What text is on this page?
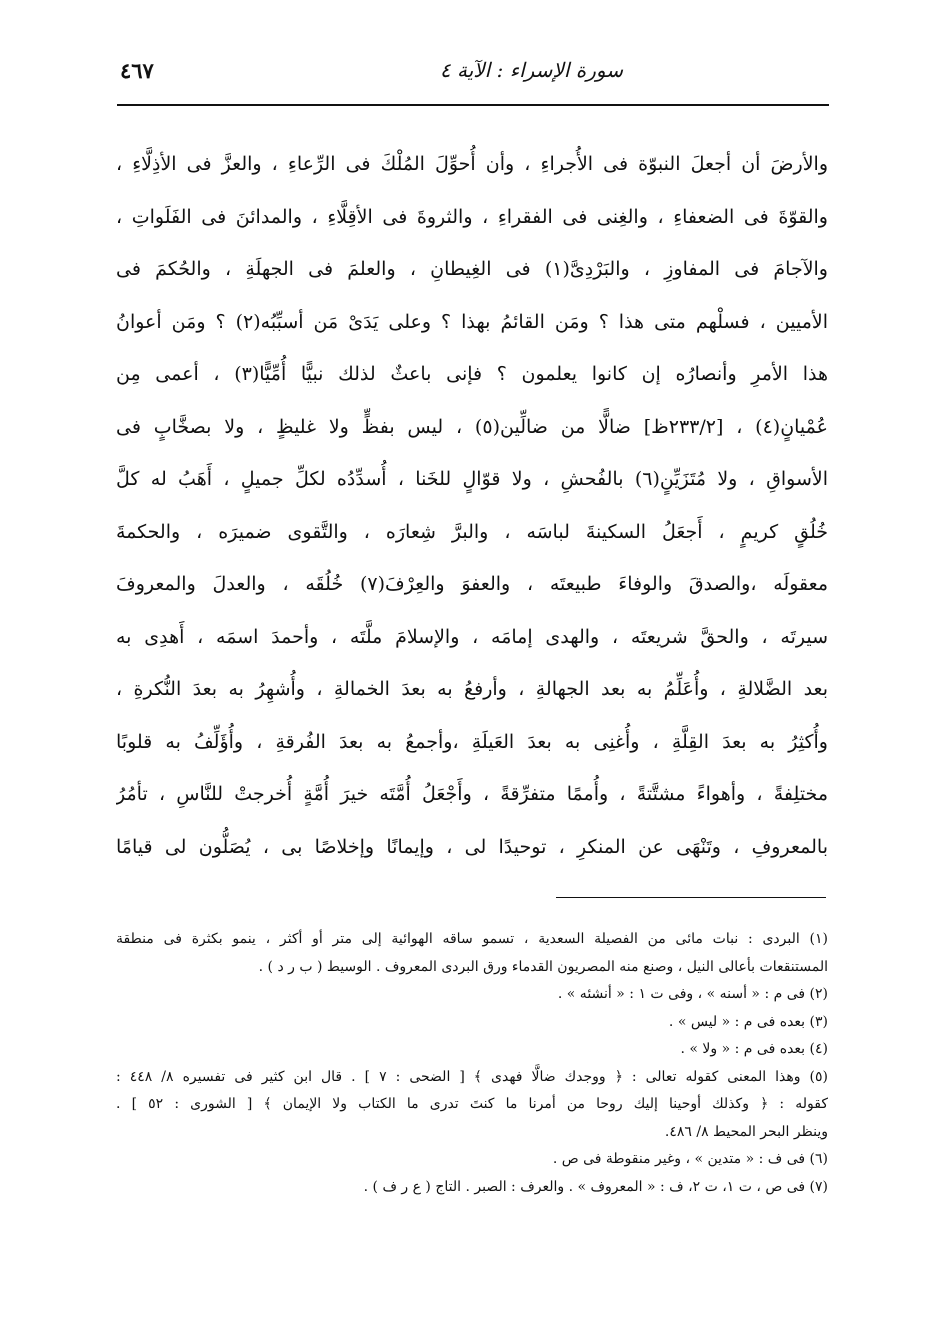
سورة الإسراء : الآية ٤
٤٦٧
والأرضَ أن أجعلَ النبوّة فى الأُجراءِ ، وأن أُحوِّلَ المُلْكَ فى الرِّعاءِ ، والعزَّ فى الأذِلَّاءِ ،
والقوّةَ فى الضعفاءِ ، والغِنى فى الفقراءِ ، والثروةَ فى الأقِلَّاءِ ، والمدائنَ فى الفَلَواتِ ،
والآجامَ فى المفاوزِ ، والبَرْدِىَّ(١) فى الغِيطانِ ، والعلمَ فى الجهلَةِ ، والحُكمَ فى
الأميين ، فسلْهم متى هذا ؟ ومَن القائمُ بهذا ؟ وعلى يَدَىْ مَن أسبِّبُه(٢) ؟ ومَن أعوانُ
هذا الأمرِ وأنصارُه إن كانوا يعلمون ؟ فإنى باعثٌ لذلك نبيًّا أُمِّيًّا(٣) ، أعمى مِن
عُمْيانٍ(٤) ، [٢٣٣/٢ظ] ضالًّا من ضالِّين(٥) ، ليس بفظٍّ ولا غليظٍ ، ولا بصخَّابٍ فى
الأسواقِ ، ولا مُتَزَيِّنٍ(٦) بالفُحشِ ، ولا قوّالٍ للخَنا ، أُسدِّدُه لكلِّ جميلٍ ، أَهَبُ له كلَّ
خُلُقٍ كريمٍ ، أَجعَلُ السكينةَ لباسَه ، والبرَّ شِعارَه ، والتَّقوى ضميرَه ، والحكمةَ
معقولَه ،والصدقَ والوفاءَ طبيعتَه ، والعفوَ والعِرْفَ(٧) خُلُقَه ، والعدلَ والمعروفَ
سيرتَه ، والحقَّ شريعتَه ، والهدى إمامَه ، والإسلامَ ملَّتَه ، وأحمدَ اسمَه ، أَهدِى به
بعد الضَّلالةِ ، وأُعَلِّمُ به بعد الجهالةِ ، وأرفعُ به بعدَ الخمالةِ ، وأُشهِرُ به بعدَ النُّكرةِ ،
وأُكثِرُ به بعدَ القِلَّةِ ، وأُغنِى به بعدَ العَيلَةِ ،وأجمعُ به بعدَ الفُرقةِ ، وأُؤَلِّفُ به قلوبًا
مختلِفةً ، وأهواءً مشتَّتةً ، وأُممًا متفرِّقةً ، وأَجْعَلُ أُمَّتَه خيرَ أُمَّةٍ أُخرجتْ للنَّاسِ ، تأمُرُ
بالمعروفِ ، وتَنْهَى عن المنكرِ ، توحيدًا لى ، وإيمانًا وإخلاصًا بى ، يُصَلُّون لى قيامًا
(١) البردى : نبات مائى من الفصيلة السعدية ، تسمو ساقه الهوائية إلى متر أو أكثر ، ينمو بكثرة فى منطقة
المستنقعات بأعالى النيل ، وصنع منه المصريون القدماء ورق البردى المعروف . الوسيط ( ب ر د ) .
(٢) فى م : « أسنه » ، وفى ت ١ : « أنشئه » .
(٣) بعده فى م : « ليس » .
(٤) بعده فى م : « ولا » .
(٥) وهذا المعنى كقوله تعالى : ﴿ ووجدك ضالًّا فهدى ﴾ [ الضحى : ٧ ] . قال ابن كثير فى تفسيره ٨/ ٤٤٨ :
كقوله : ﴿ وكذلك أوحينا إليك روحا من أمرنا ما كنتَ تدرى ما الكتاب ولا الإيمان ﴾ [ الشورى : ٥٢ ] .
وينظر البحر المحيط ٨/ ٤٨٦.
(٦) فى ف : « متدين » ، وغير منقوطة فى ص .
(٧) فى ص ، ت ١، ت ٢، ف : « المعروف » . والعرف : الصبر . التاج ( ع ر ف ) .
